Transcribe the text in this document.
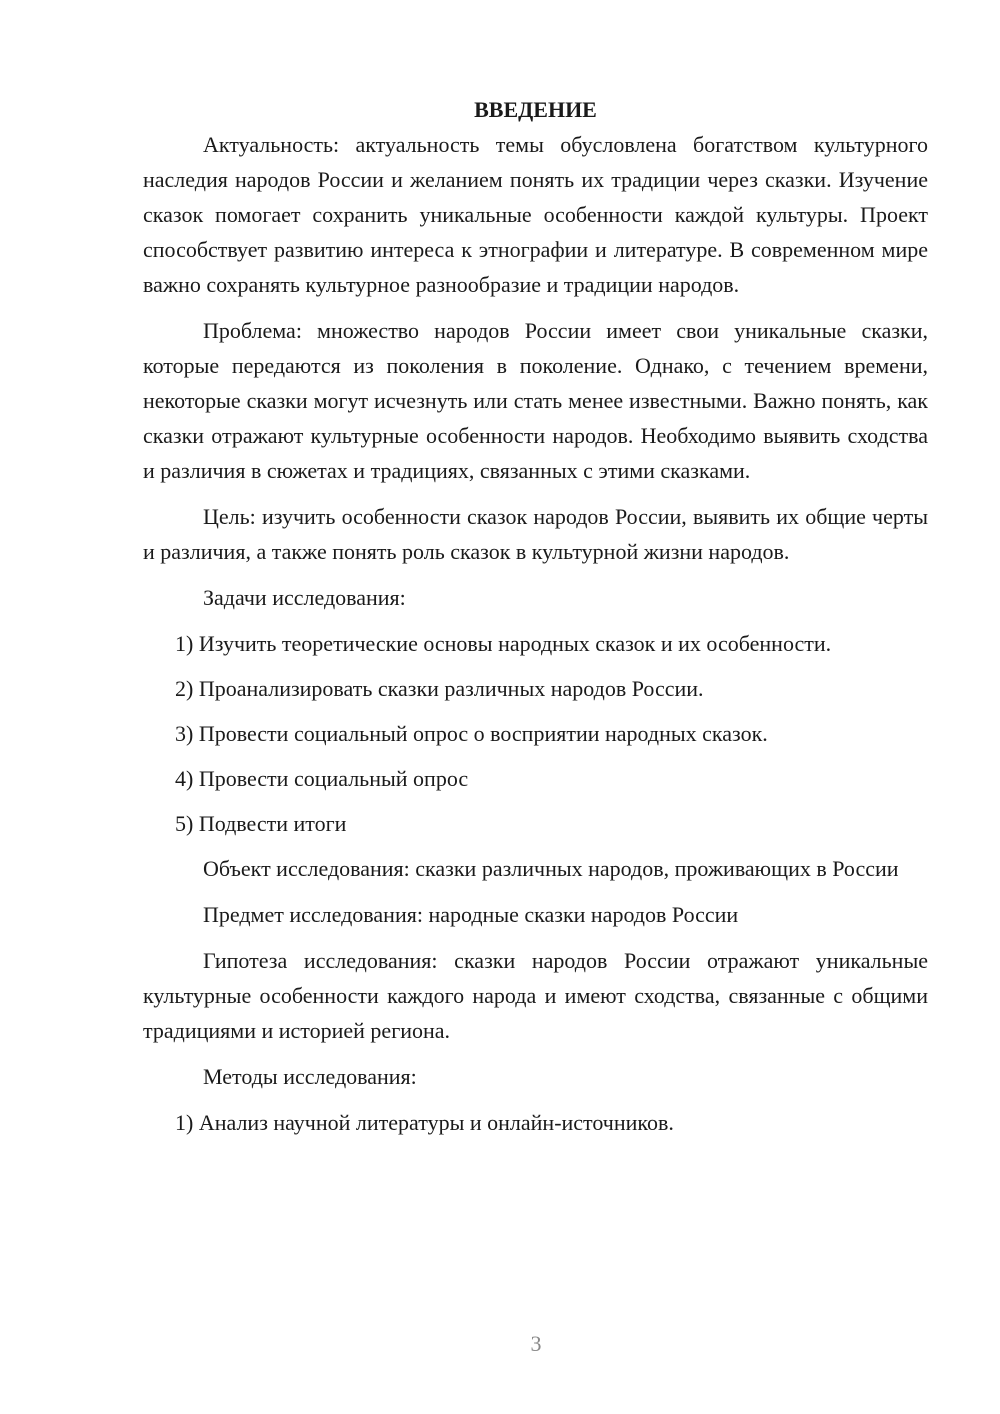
ВВЕДЕНИЕ

Актуальность: актуальность темы обусловлена богатством культурного наследия народов России и желанием понять их традиции через сказки. Изучение сказок помогает сохранить уникальные особенности каждой культуры. Проект способствует развитию интереса к этнографии и литературе. В современном мире важно сохранять культурное разнообразие и традиции народов.

Проблема: множество народов России имеет свои уникальные сказки, которые передаются из поколения в поколение. Однако, с течением времени, некоторые сказки могут исчезнуть или стать менее известными. Важно понять, как сказки отражают культурные особенности народов. Необходимо выявить сходства и различия в сюжетах и традициях, связанных с этими сказками.

Цель: изучить особенности сказок народов России, выявить их общие черты и различия, а также понять роль сказок в культурной жизни народов.

Задачи исследования:

1) Изучить теоретические основы народных сказок и их особенности.
2) Проанализировать сказки различных народов России.
3) Провести социальный опрос о восприятии народных сказок.
4) Провести социальный опрос
5) Подвести итоги

Объект исследования: сказки различных народов, проживающих в России

Предмет исследования: народные сказки народов России

Гипотеза исследования: сказки народов России отражают уникальные культурные особенности каждого народа и имеют сходства, связанные с общими традициями и историей региона.

Методы исследования:

1) Анализ научной литературы и онлайн-источников.
3
